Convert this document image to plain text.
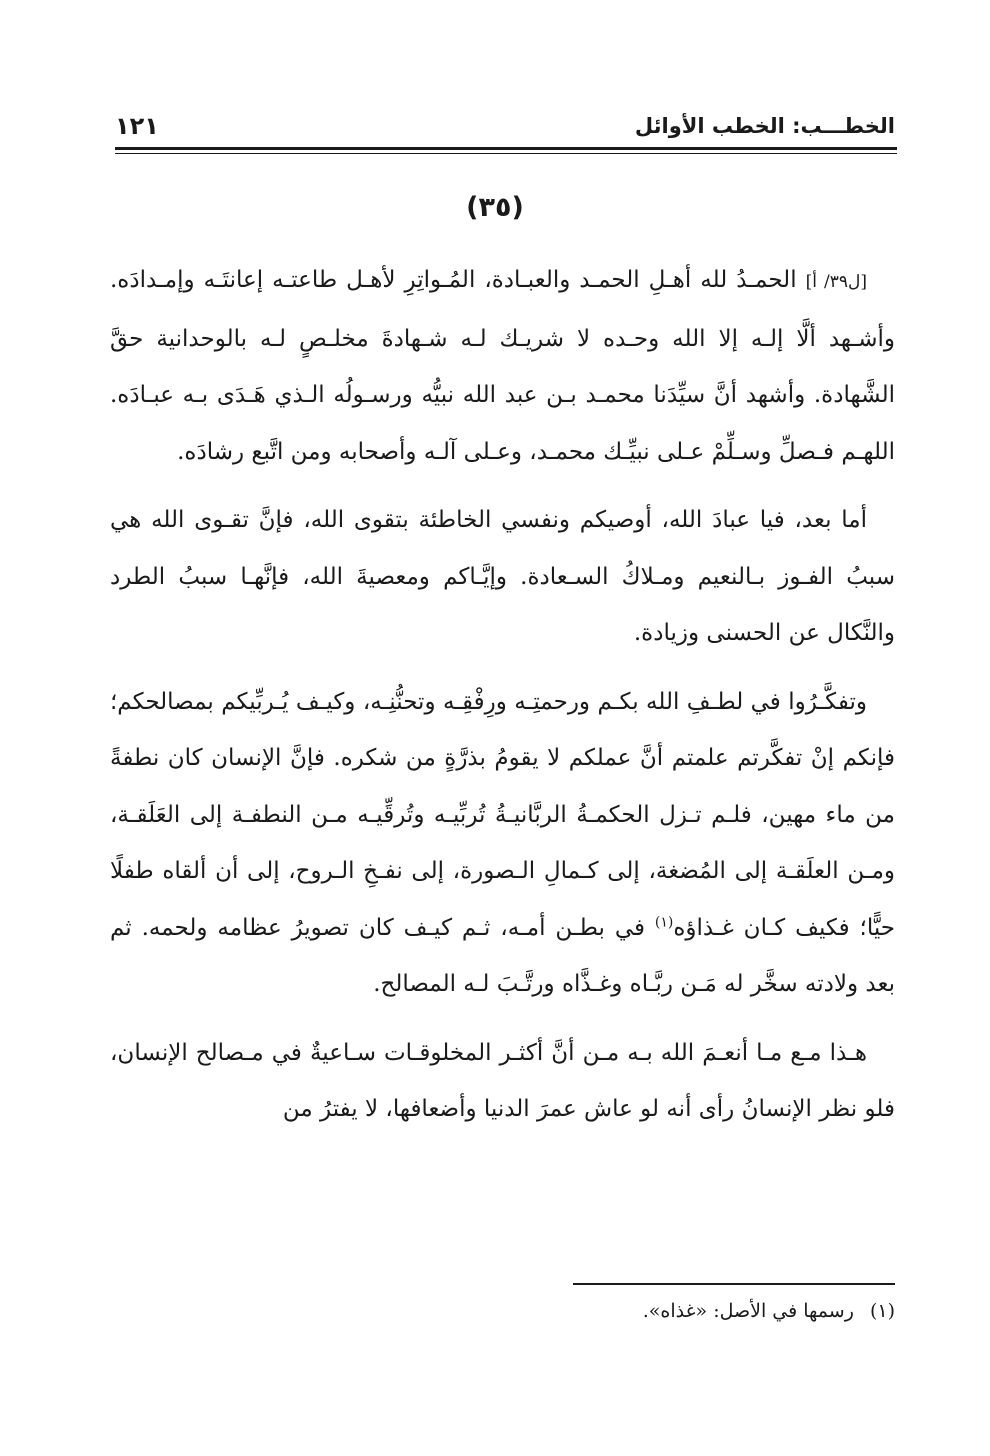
الخطـــب: الخطب الأوائل
١٢١
(٣٥)

[ل٣٩/ أ] الحمـدُ لله أهـلِ الحمـد والعبـادة، المُـواتِرِ لأهـل طاعتـه إعانتَـه وإمـدادَه. وأشـهد ألَّا إلـه إلا الله وحـده لا شريـك لـه شـهادةَ مخلـصٍ لـه بالوحدانية حقَّ الشَّهادة. وأشهد أنَّ سيِّدَنا محمـد بـن عبد الله نبيُّه ورسـولُه الـذي هَـدَى بـه عبـادَه. اللهـم فـصلِّ وسـلِّمْ عـلى نبيِّـك محمـد، وعـلى آلـه وأصحابه ومن اتَّبع رشادَه.

أما بعد، فيا عبادَ الله، أوصيكم ونفسي الخاطئة بتقوى الله، فإنَّ تقـوى الله هي سببُ الفـوز بـالنعيم ومـلاكُ السـعادة. وإيَّـاكم ومعصيةَ الله، فإنَّهـا سببُ الطرد والنَّكال عن الحسنى وزيادة.

وتفكَّـرُوا في لطـفِ الله بكـم ورحمتِـه ورِفْقِـه وتحنُّنِـه، وكيـف يُـربِّيكم بمصالحكم؛ فإنكم إنْ تفكَّرتم علمتم أنَّ عملكم لا يقومُ بذرَّةٍ من شكره. فإنَّ الإنسان كان نطفةً من ماء مهين، فلـم تـزل الحكمـةُ الربَّانيـةُ تُربِّيـه وتُرقِّيـه مـن النطفـة إلى العَلَقـة، ومـن العلَقـة إلى المُضغة، إلى كـمالِ الـصورة، إلى نفـخِ الـروح، إلى أن ألقاه طفلًا حيًّا؛ فكيف كـان غـذاؤه$^{(١)}$ في بطـن أمـه، ثـم كيـف كان تصويرُ عظامه ولحمه. ثم بعد ولادته سخَّر له مَـن ربَّـاه وغـذَّاه ورتَّـبَ لـه المصالح.

هـذا مـع مـا أنعـمَ الله بـه مـن أنَّ أكثـر المخلوقـات سـاعيةٌ في مـصالح الإنسان، فلو نظر الإنسانُ رأى أنه لو عاش عمرَ الدنيا وأضعافها، لا يفترُ من

(١) رسمها في الأصل: «غذاه».
